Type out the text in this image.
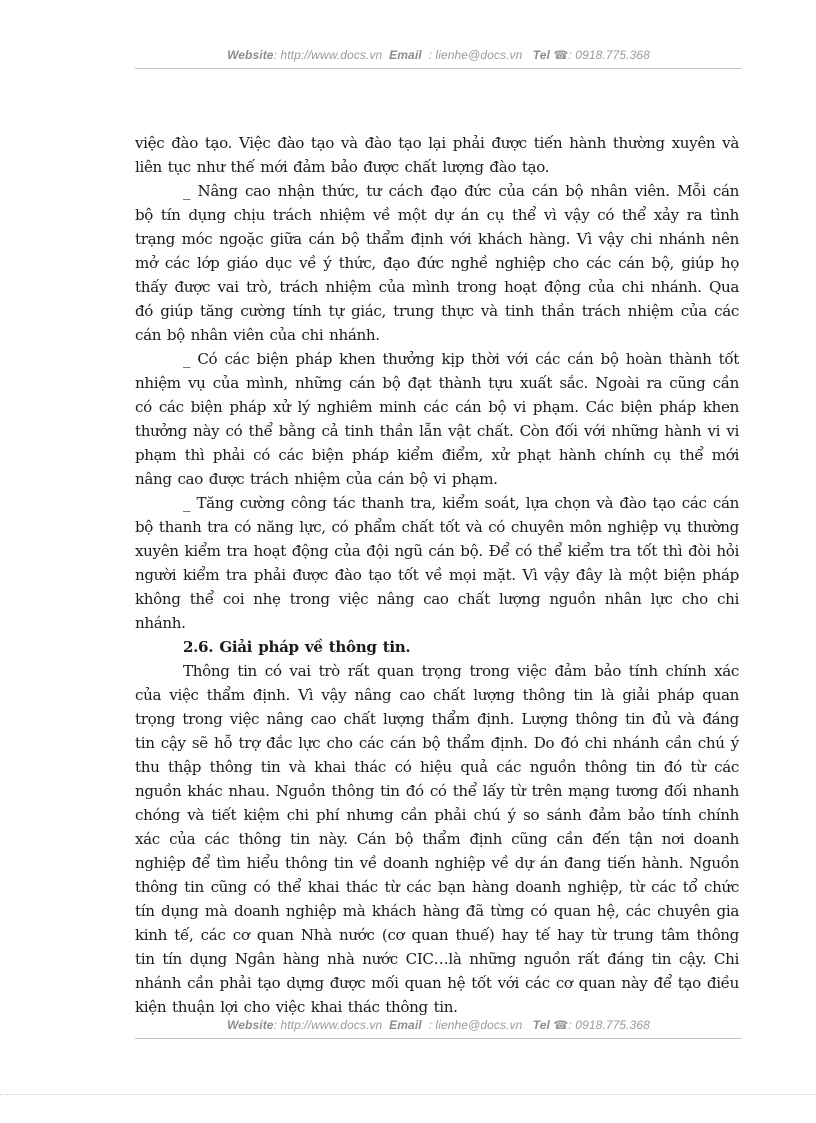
Website: http://www.docs.vn Email : lienhe@docs.vn Tel ☎: 0918.775.368

việc đào tạo. Việc đào tạo và đào tạo lại phải được tiến hành thường xuyên và liên tục như thế mới đảm bảo được chất lượng đào tạo.

_ Nâng cao nhận thức, tư cách đạo đức của cán bộ nhân viên. Mỗi cán bộ tín dụng chịu trách nhiệm về một dự án cụ thể vì vậy có thể xảy ra tình trạng móc ngoặc giữa cán bộ thẩm định với khách hàng. Vì vậy chi nhánh nên mở các lớp giáo dục về ý thức, đạo đức nghề nghiệp cho các cán bộ, giúp họ thấy được vai trò, trách nhiệm của mình trong hoạt động của chi nhánh. Qua đó giúp tăng cường tính tự giác, trung thực và tinh thần trách nhiệm của các cán bộ nhân viên của chi nhánh.

_ Có các biện pháp khen thưởng kịp thời với các cán bộ hoàn thành tốt nhiệm vụ của mình, những cán bộ đạt thành tựu xuất sắc. Ngoài ra cũng cần có các biện pháp xử lý nghiêm minh các cán bộ vi phạm. Các biện pháp khen thưởng này có thể bằng cả tinh thần lẫn vật chất. Còn đối với những hành vi vi phạm thì phải có các biện pháp kiểm điểm, xử phạt hành chính cụ thể mới nâng cao được trách nhiệm của cán bộ vi phạm.

_ Tăng cường công tác thanh tra, kiểm soát, lựa chọn và đào tạo các cán bộ thanh tra có năng lực, có phẩm chất tốt và có chuyên môn nghiệp vụ thường xuyên kiểm tra hoạt động của đội ngũ cán bộ. Để có thể kiểm tra tốt thì đòi hỏi người kiểm tra phải được đào tạo tốt về mọi mặt. Vì vậy đây là một biện pháp không thể coi nhẹ trong việc nâng cao chất lượng nguồn nhân lực cho chi nhánh.

2.6. Giải pháp về thông tin.

Thông tin có vai trò rất quan trọng trong việc đảm bảo tính chính xác của việc thẩm định. Vì vậy nâng cao chất lượng thông tin là giải pháp quan trọng trong việc nâng cao chất lượng thẩm định. Lượng thông tin đủ và đáng tin cậy sẽ hỗ trợ đắc lực cho các cán bộ thẩm định. Do đó chi nhánh cần chú ý thu thập thông tin và khai thác có hiệu quả các nguồn thông tin đó từ các nguồn khác nhau. Nguồn thông tin đó có thể lấy từ trên mạng tương đối nhanh chóng và tiết kiệm chi phí nhưng cần phải chú ý so sánh đảm bảo tính chính xác của các thông tin này. Cán bộ thẩm định cũng cần đến tận nơi doanh nghiệp để tìm hiểu thông tin về doanh nghiệp về dự án đang tiến hành. Nguồn thông tin cũng có thể khai thác từ các bạn hàng doanh nghiệp, từ các tổ chức tín dụng mà doanh nghiệp mà khách hàng đã từng có quan hệ, các chuyên gia kinh tế, các cơ quan Nhà nước (cơ quan thuế) hay tế hay từ trung tâm thông tin tín dụng Ngân hàng nhà nước CIC…là những nguồn rất đáng tin cậy. Chi nhánh cần phải tạo dựng được mối quan hệ tốt với các cơ quan này để tạo điều kiện thuận lợi cho việc khai thác thông tin.

Website: http://www.docs.vn Email : lienhe@docs.vn Tel ☎: 0918.775.368
